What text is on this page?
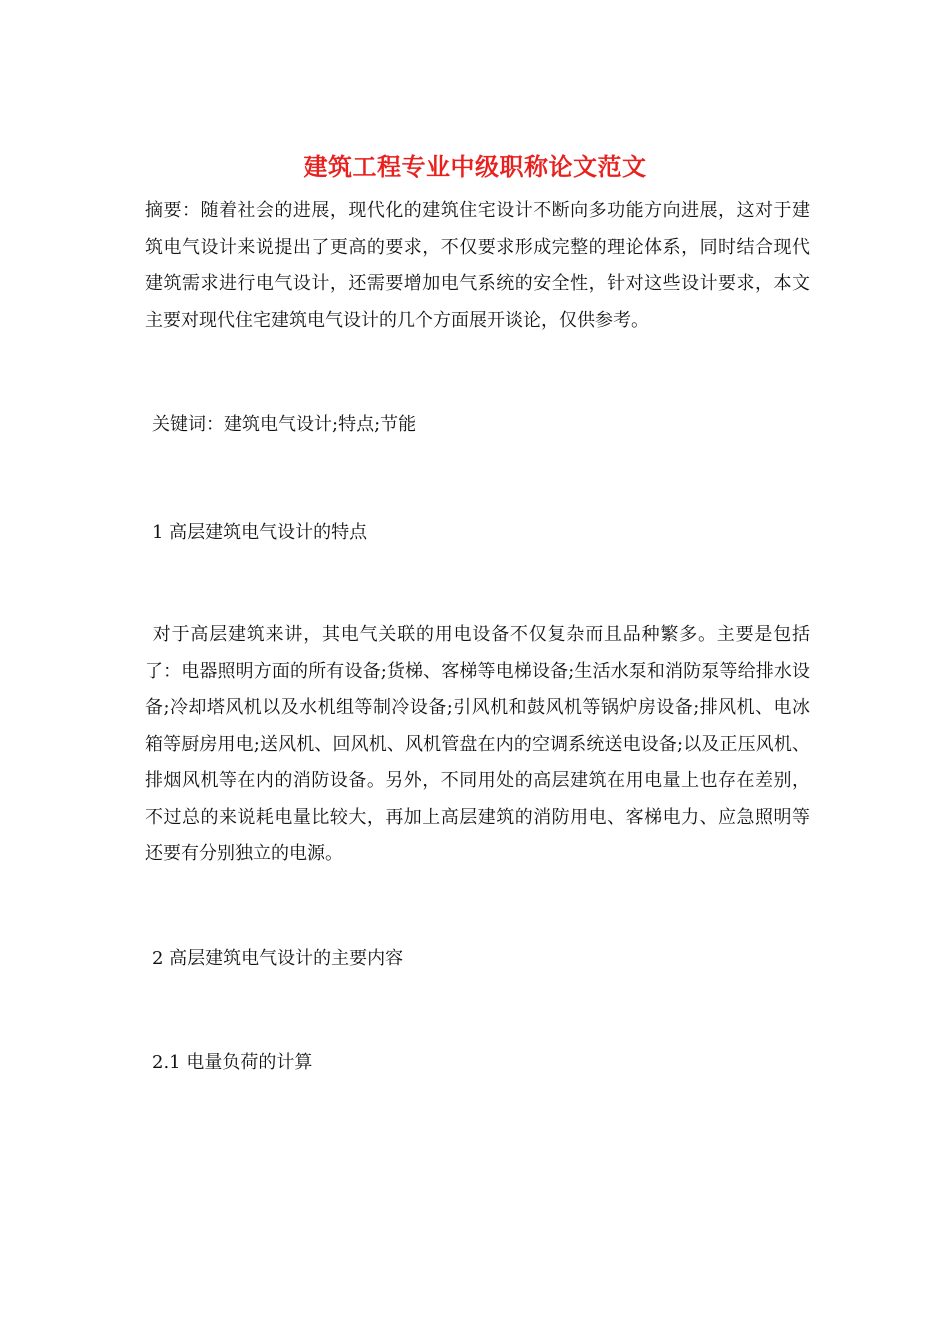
建筑工程专业中级职称论文范文

摘要：随着社会的进展，现代化的建筑住宅设计不断向多功能方向进展，这对于建筑电气设计来说提出了更高的要求，不仅要求形成完整的理论体系，同时结合现代建筑需求进行电气设计，还需要增加电气系统的安全性，针对这些设计要求，本文主要对现代住宅建筑电气设计的几个方面展开谈论，仅供参考。

关键词：建筑电气设计;特点;节能

1 高层建筑电气设计的特点

对于高层建筑来讲，其电气关联的用电设备不仅复杂而且品种繁多。主要是包括了：电器照明方面的所有设备;货梯、客梯等电梯设备;生活水泵和消防泵等给排水设备;冷却塔风机以及水机组等制冷设备;引风机和鼓风机等锅炉房设备;排风机、电冰箱等厨房用电;送风机、回风机、风机管盘在内的空调系统送电设备;以及正压风机、排烟风机等在内的消防设备。另外，不同用处的高层建筑在用电量上也存在差别，不过总的来说耗电量比较大，再加上高层建筑的消防用电、客梯电力、应急照明等还要有分别独立的电源。

2 高层建筑电气设计的主要内容

2.1 电量负荷的计算
